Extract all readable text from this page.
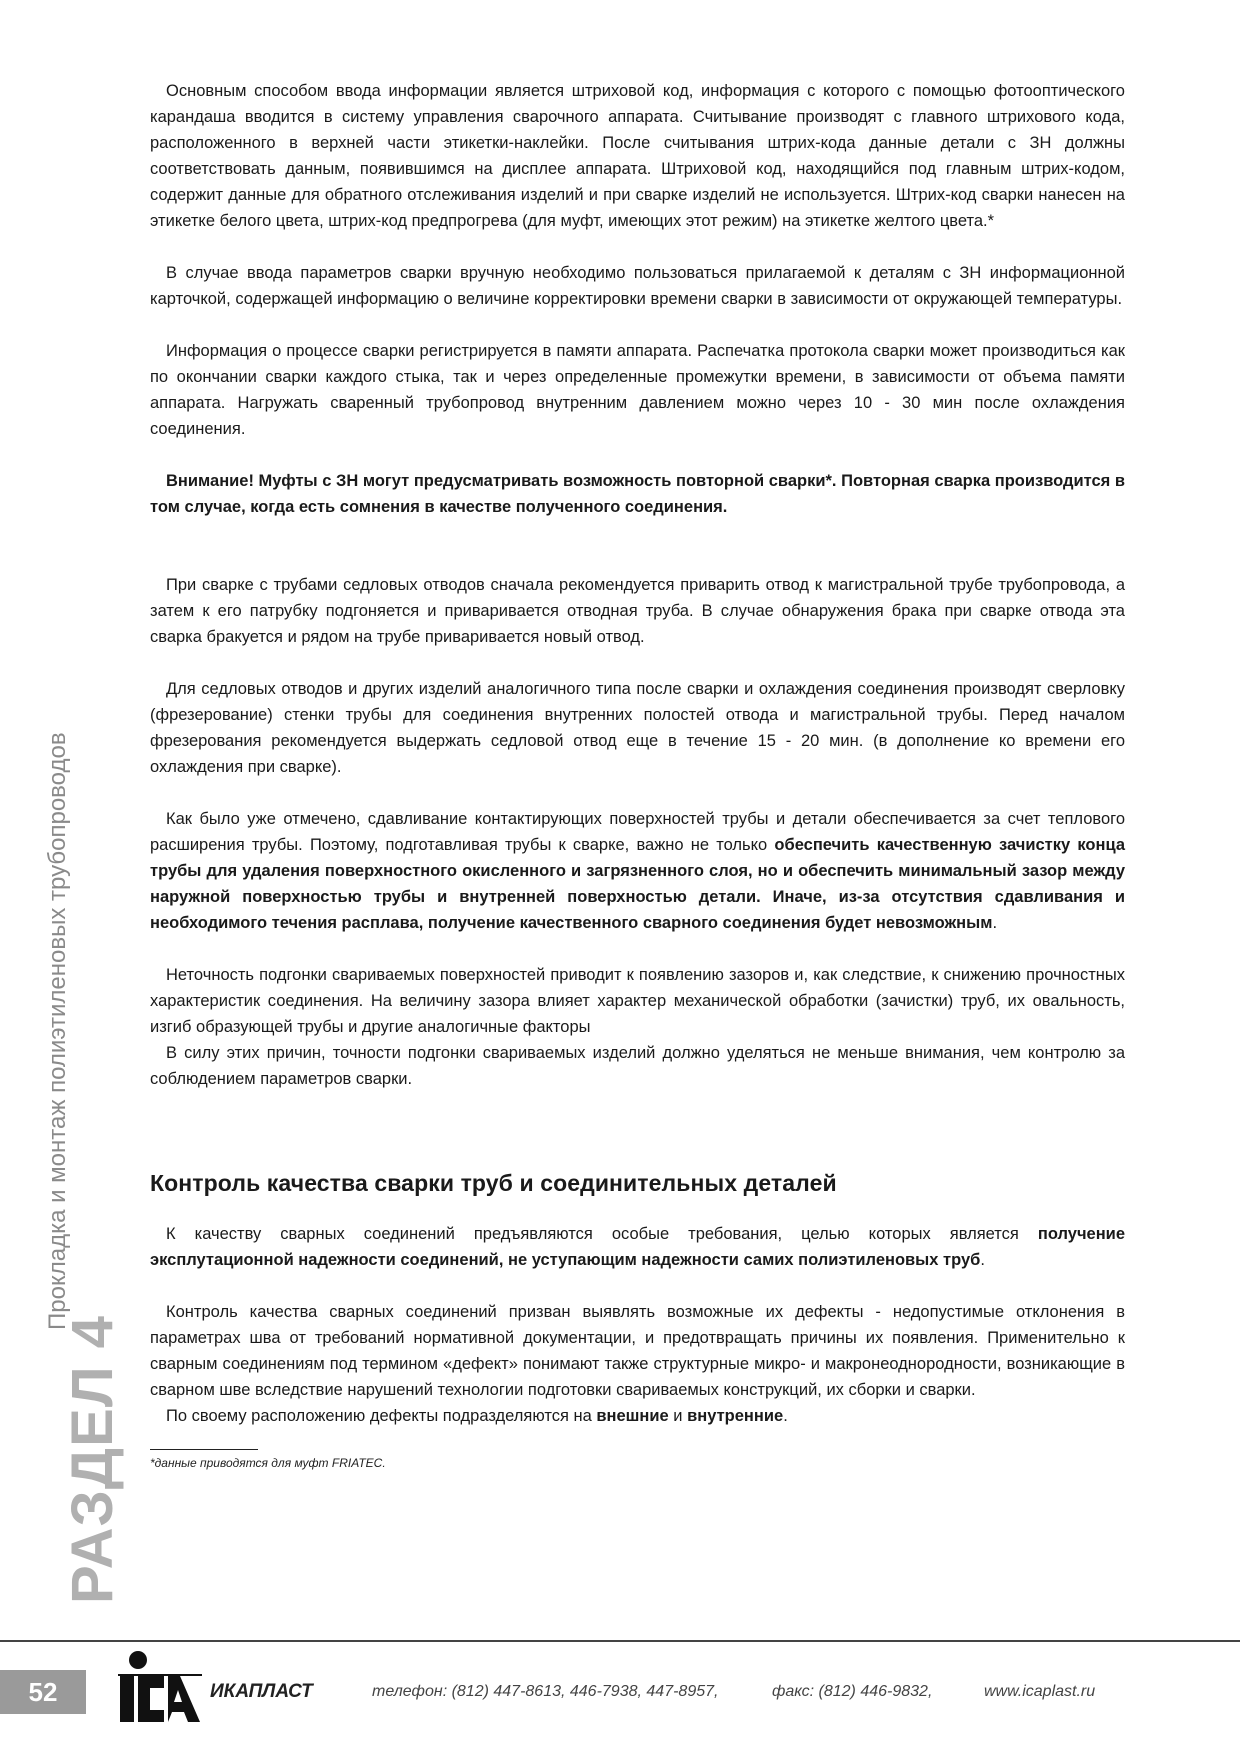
РАЗДЕЛ 4
Прокладка и монтаж полиэтиленовых трубопроводов

Основным способом ввода информации является штриховой код, информация с которого с помощью фотооптического карандаша вводится в систему управления сварочного аппарата. Считывание производят с главного штрихового кода, расположенного в верхней части этикетки-наклейки. После считывания штрих-кода данные детали с ЗН должны соответствовать данным, появившимся на дисплее аппарата. Штриховой код, находящийся под главным штрих-кодом, содержит данные для обратного отслеживания изделий и при сварке изделий не используется. Штрих-код сварки нанесен на этикетке белого цвета, штрих-код предпрогрева (для муфт, имеющих этот режим) на этикетке желтого цвета.*

В случае ввода параметров сварки вручную необходимо пользоваться прилагаемой к деталям с ЗН информационной карточкой, содержащей информацию о величине корректировки времени сварки в зависимости от окружающей температуры.

Информация о процессе сварки регистрируется в памяти аппарата. Распечатка протокола сварки может производиться как по окончании сварки каждого стыка, так и через определенные промежутки времени, в зависимости от объема памяти аппарата. Нагружать сваренный трубопровод внутренним давлением можно через 10 - 30 мин после охлаждения соединения.

Внимание! Муфты с ЗН могут предусматривать возможность повторной сварки*. Повторная сварка производится в том случае, когда есть сомнения в качестве полученного соединения.

При сварке с трубами седловых отводов сначала рекомендуется приварить отвод к магистральной трубе трубопровода, а затем к его патрубку подгоняется и приваривается отводная труба. В случае обнаружения брака при сварке отвода эта сварка бракуется и рядом на трубе приваривается новый отвод.

Для седловых отводов и других изделий аналогичного типа после сварки и охлаждения соединения производят сверловку (фрезерование) стенки трубы для соединения внутренних полостей отвода и магистральной трубы. Перед началом фрезерования рекомендуется выдержать седловой отвод еще в течение 15 - 20 мин. (в дополнение ко времени его охлаждения при сварке).

Как было уже отмечено, сдавливание контактирующих поверхностей трубы и детали обеспечивается за счет теплового расширения трубы. Поэтому, подготавливая трубы к сварке, важно не только обеспечить качественную зачистку конца трубы для удаления поверхностного окисленного и загрязненного слоя, но и обеспечить минимальный зазор между наружной поверхностью трубы и внутренней поверхностью детали. Иначе, из-за отсутствия сдавливания и необходимого течения расплава, получение качественного сварного соединения будет невозможным.

Неточность подгонки свариваемых поверхностей приводит к появлению зазоров и, как следствие, к снижению прочностных характеристик соединения. На величину зазора влияет характер механической обработки (зачистки) труб, их овальность, изгиб образующей трубы и другие аналогичные факторы

В силу этих причин, точности подгонки свариваемых изделий должно уделяться не меньше внимания, чем контролю за соблюдением параметров сварки.

Контроль качества сварки труб и соединительных деталей

К качеству сварных соединений предъявляются особые требования, целью которых является получение эксплутационной надежности соединений, не уступающим надежности самих полиэтиленовых труб.

Контроль качества сварных соединений призван выявлять возможные их дефекты - недопустимые отклонения в параметрах шва от требований нормативной документации, и предотвращать причины их появления. Применительно к сварным соединениям под термином «дефект» понимают также структурные микро- и макронеоднородности, возникающие в сварном шве вследствие нарушений технологии подготовки свариваемых конструкций, их сборки и сварки.

По своему расположению дефекты подразделяются на внешние и внутренние.

*данные приводятся для муфт FRIATEC.

52	ИКАПЛАСТ	телефон: (812) 447-8613, 446-7938, 447-8957,	факс: (812) 446-9832,	www.icaplast.ru
